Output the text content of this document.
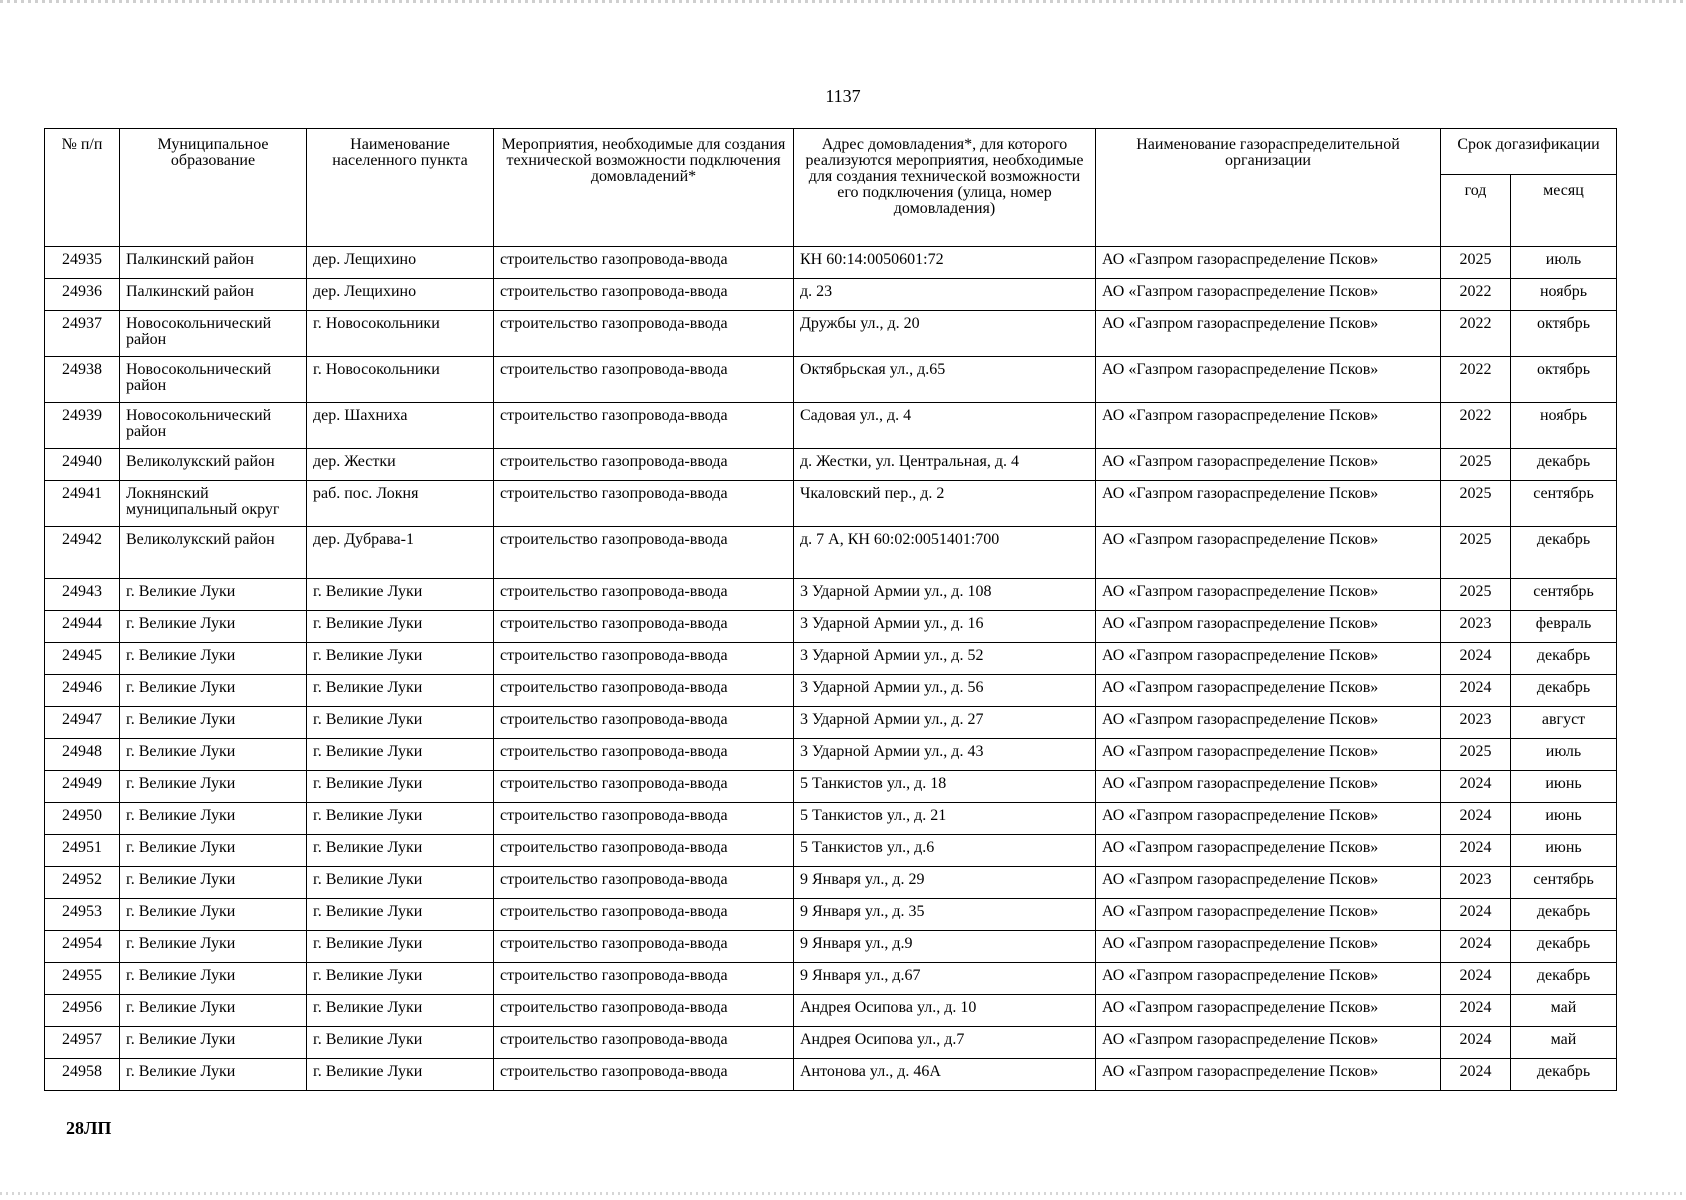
1137
№ п/п	Муниципальное образование	Наименование населенного пункта	Мероприятия, необходимые для создания технической возможности подключения домовладений*	Адрес домовладения*, для которого реализуются мероприятия, необходимые для создания технической возможности его подключения (улица, номер домовладения)	Наименование газораспределительной организации	Срок догазификации	
						год	месяц
24935	Палкинский район	дер. Лещихино	строительство газопровода-ввода	КН 60:14:0050601:72	АО «Газпром газораспределение Псков»	2025	июль
24936	Палкинский район	дер. Лещихино	строительство газопровода-ввода	д. 23	АО «Газпром газораспределение Псков»	2022	ноябрь
24937	Новосокольнический район	г. Новосокольники	строительство газопровода-ввода	Дружбы ул., д. 20	АО «Газпром газораспределение Псков»	2022	октябрь
24938	Новосокольнический район	г. Новосокольники	строительство газопровода-ввода	Октябрьская ул., д.65	АО «Газпром газораспределение Псков»	2022	октябрь
24939	Новосокольнический район	дер. Шахниха	строительство газопровода-ввода	Садовая ул., д. 4	АО «Газпром газораспределение Псков»	2022	ноябрь
24940	Великолукский район	дер. Жестки	строительство газопровода-ввода	д. Жестки, ул. Центральная, д. 4	АО «Газпром газораспределение Псков»	2025	декабрь
24941	Локнянский муниципальный округ	раб. пос. Локня	строительство газопровода-ввода	Чкаловский пер., д. 2	АО «Газпром газораспределение Псков»	2025	сентябрь
24942	Великолукский район	дер. Дубрава-1	строительство газопровода-ввода	д. 7 А, КН 60:02:0051401:700	АО «Газпром газораспределение Псков»	2025	декабрь
24943	г. Великие Луки	г. Великие Луки	строительство газопровода-ввода	3 Ударной Армии ул., д. 108	АО «Газпром газораспределение Псков»	2025	сентябрь
24944	г. Великие Луки	г. Великие Луки	строительство газопровода-ввода	3 Ударной Армии ул., д. 16	АО «Газпром газораспределение Псков»	2023	февраль
24945	г. Великие Луки	г. Великие Луки	строительство газопровода-ввода	3 Ударной Армии ул., д. 52	АО «Газпром газораспределение Псков»	2024	декабрь
24946	г. Великие Луки	г. Великие Луки	строительство газопровода-ввода	3 Ударной Армии ул., д. 56	АО «Газпром газораспределение Псков»	2024	декабрь
24947	г. Великие Луки	г. Великие Луки	строительство газопровода-ввода	3 Ударной Армии ул., д. 27	АО «Газпром газораспределение Псков»	2023	август
24948	г. Великие Луки	г. Великие Луки	строительство газопровода-ввода	3 Ударной Армии ул., д. 43	АО «Газпром газораспределение Псков»	2025	июль
24949	г. Великие Луки	г. Великие Луки	строительство газопровода-ввода	5 Танкистов ул., д. 18	АО «Газпром газораспределение Псков»	2024	июнь
24950	г. Великие Луки	г. Великие Луки	строительство газопровода-ввода	5 Танкистов ул., д. 21	АО «Газпром газораспределение Псков»	2024	июнь
24951	г. Великие Луки	г. Великие Луки	строительство газопровода-ввода	5 Танкистов ул., д.6	АО «Газпром газораспределение Псков»	2024	июнь
24952	г. Великие Луки	г. Великие Луки	строительство газопровода-ввода	9 Января ул., д. 29	АО «Газпром газораспределение Псков»	2023	сентябрь
24953	г. Великие Луки	г. Великие Луки	строительство газопровода-ввода	9 Января ул., д. 35	АО «Газпром газораспределение Псков»	2024	декабрь
24954	г. Великие Луки	г. Великие Луки	строительство газопровода-ввода	9 Января ул., д.9	АО «Газпром газораспределение Псков»	2024	декабрь
24955	г. Великие Луки	г. Великие Луки	строительство газопровода-ввода	9 Января ул., д.67	АО «Газпром газораспределение Псков»	2024	декабрь
24956	г. Великие Луки	г. Великие Луки	строительство газопровода-ввода	Андрея Осипова ул., д. 10	АО «Газпром газораспределение Псков»	2024	май
24957	г. Великие Луки	г. Великие Луки	строительство газопровода-ввода	Андрея Осипова ул., д.7	АО «Газпром газораспределение Псков»	2024	май
24958	г. Великие Луки	г. Великие Луки	строительство газопровода-ввода	Антонова ул., д. 46А	АО «Газпром газораспределение Псков»	2024	декабрь
28ЛП
